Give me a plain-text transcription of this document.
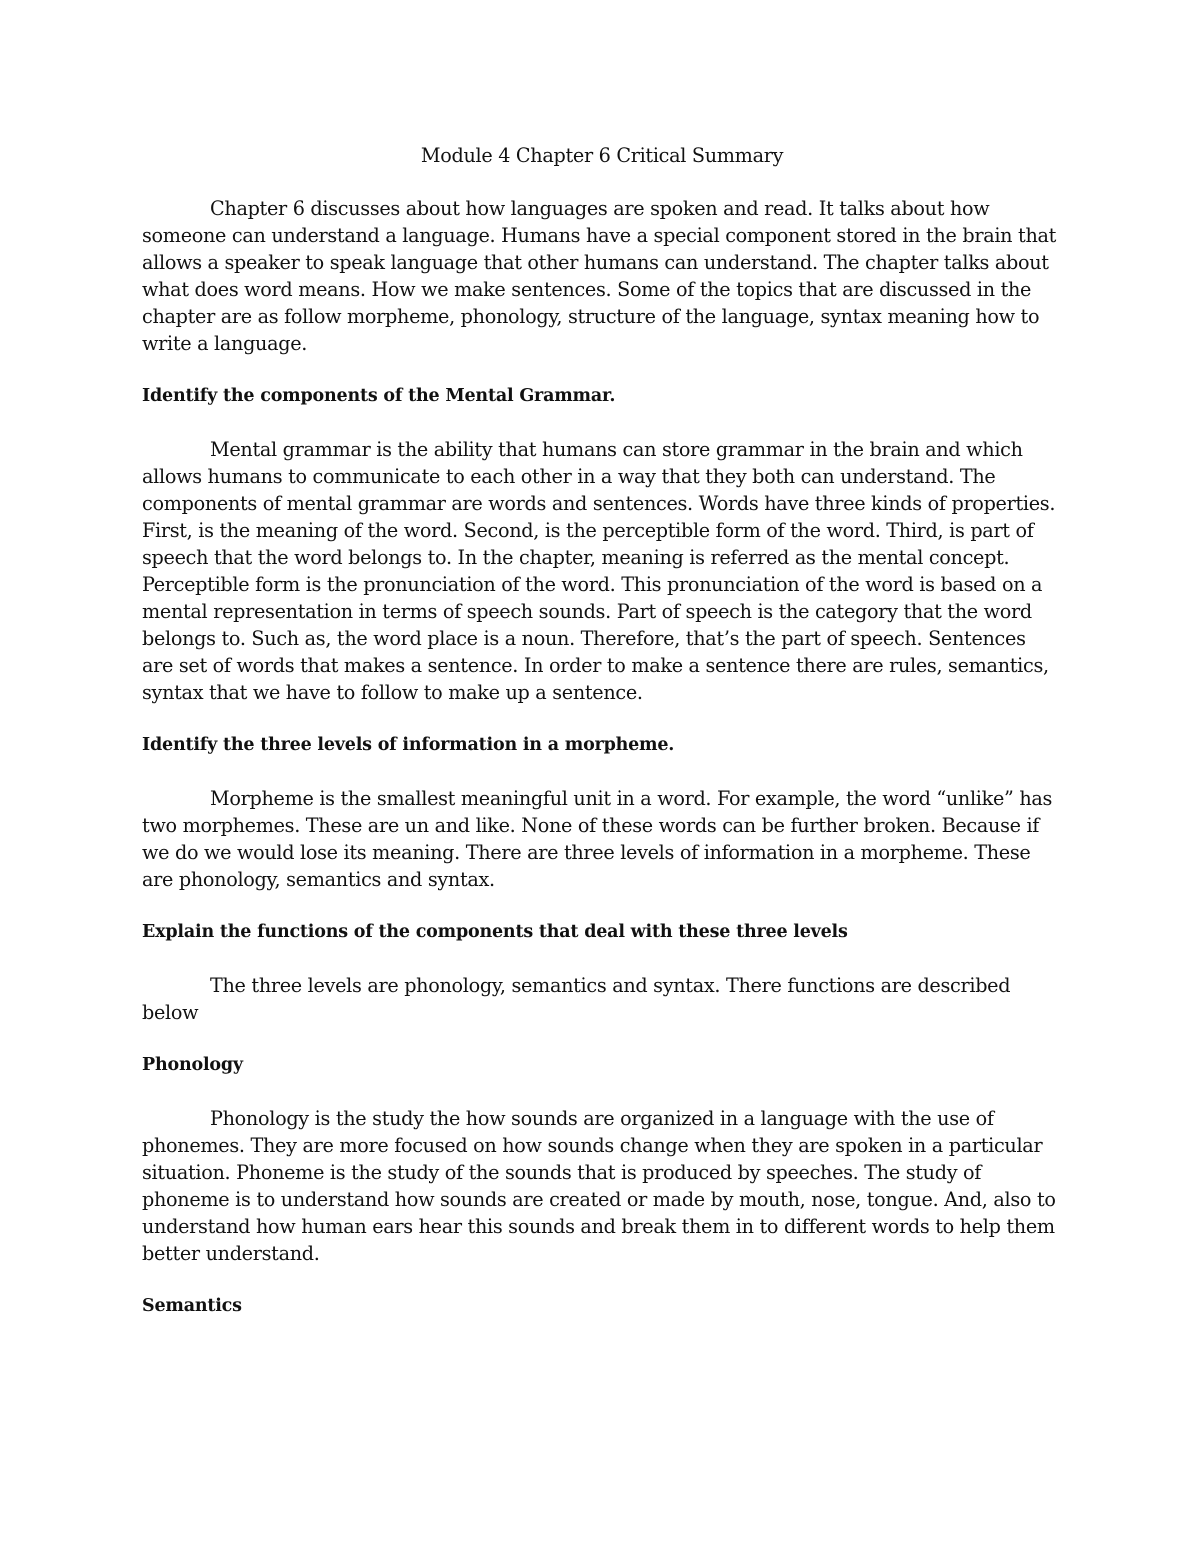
Module 4 Chapter 6 Critical Summary

Chapter 6 discusses about how languages are spoken and read. It talks about how someone can understand a language. Humans have a special component stored in the brain that allows a speaker to speak language that other humans can understand. The chapter talks about what does word means. How we make sentences. Some of the topics that are discussed in the chapter are as follow morpheme, phonology, structure of the language, syntax meaning how to write a language.

Identify the components of the Mental Grammar.

Mental grammar is the ability that humans can store grammar in the brain and which allows humans to communicate to each other in a way that they both can understand. The components of mental grammar are words and sentences. Words have three kinds of properties. First, is the meaning of the word. Second, is the perceptible form of the word. Third, is part of speech that the word belongs to. In the chapter, meaning is referred as the mental concept. Perceptible form is the pronunciation of the word. This pronunciation of the word is based on a mental representation in terms of speech sounds. Part of speech is the category that the word belongs to. Such as, the word place is a noun. Therefore, that’s the part of speech. Sentences are set of words that makes a sentence. In order to make a sentence there are rules, semantics, syntax that we have to follow to make up a sentence.

Identify the three levels of information in a morpheme.

Morpheme is the smallest meaningful unit in a word. For example, the word “unlike” has two morphemes. These are un and like. None of these words can be further broken. Because if we do we would lose its meaning. There are three levels of information in a morpheme. These are phonology, semantics and syntax.

Explain the functions of the components that deal with these three levels

The three levels are phonology, semantics and syntax. There functions are described below

Phonology

Phonology is the study the how sounds are organized in a language with the use of phonemes. They are more focused on how sounds change when they are spoken in a particular situation. Phoneme is the study of the sounds that is produced by speeches. The study of phoneme is to understand how sounds are created or made by mouth, nose, tongue. And, also to understand how human ears hear this sounds and break them in to different words to help them better understand.

Semantics
